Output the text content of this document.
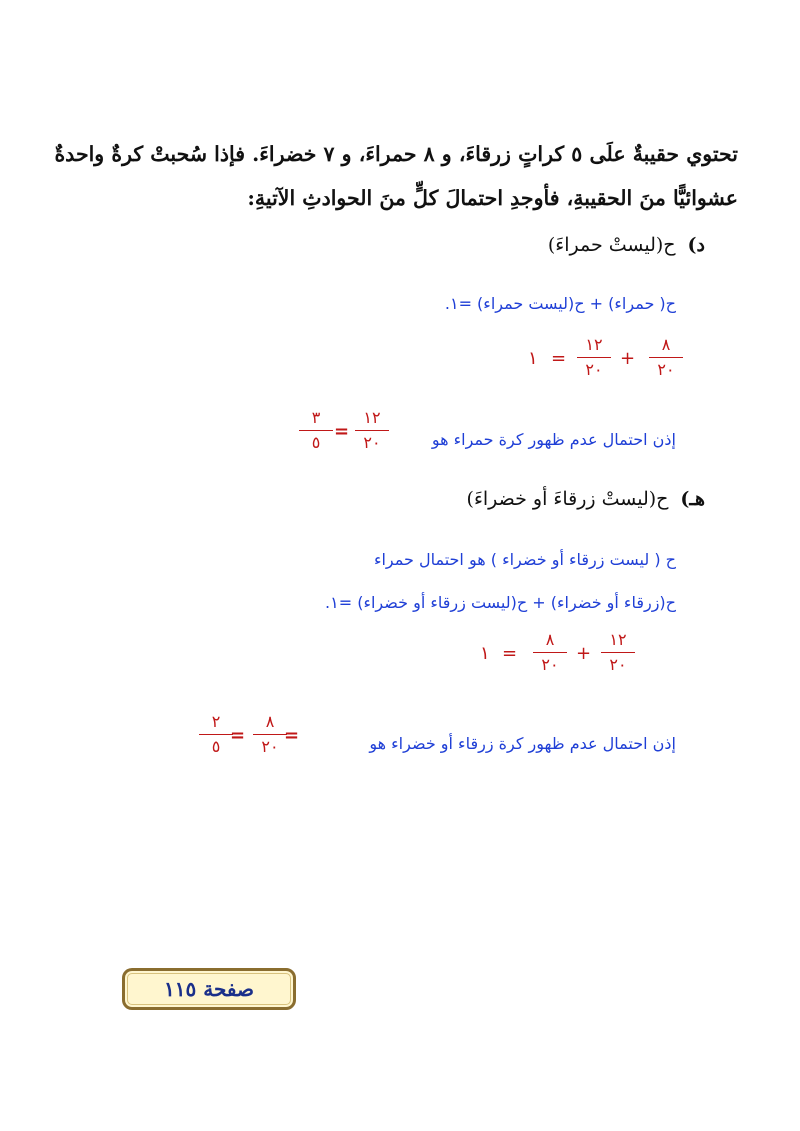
تحتوي حقيبةٌ علَى ٥ كراتٍ زرقاءَ، و ٨ حمراءَ، و ٧ خضراءَ. فإذا سُحبتْ كرةٌ واحدةٌ
عشوائيًّا منَ الحقيبةِ، فأوجدِ احتمالَ كلٍّ منَ الحوادثِ الآتيةِ:
د)ح(ليستْ حمراءَ)
ح( حمراء) + ح(ليست حمراء) =١.
٨
٢٠
+
١٢
٢٠
=
١
إذن احتمال عدم ظهور كرة حمراء هو
١٢
٢٠
=
٣
٥
هـ)ح(ليستْ زرقاءَ أو خضراءَ)
ح ( ليست زرقاء أو خضراء ) هو احتمال حمراء
ح(زرقاء أو خضراء) + ح(ليست زرقاء أو خضراء) =١.
١٢
٢٠
+
٨
٢٠
=
١
إذن احتمال عدم ظهور كرة زرقاء أو خضراء هو
=
٨
٢٠
=
٢
٥
صفحة ١١٥
